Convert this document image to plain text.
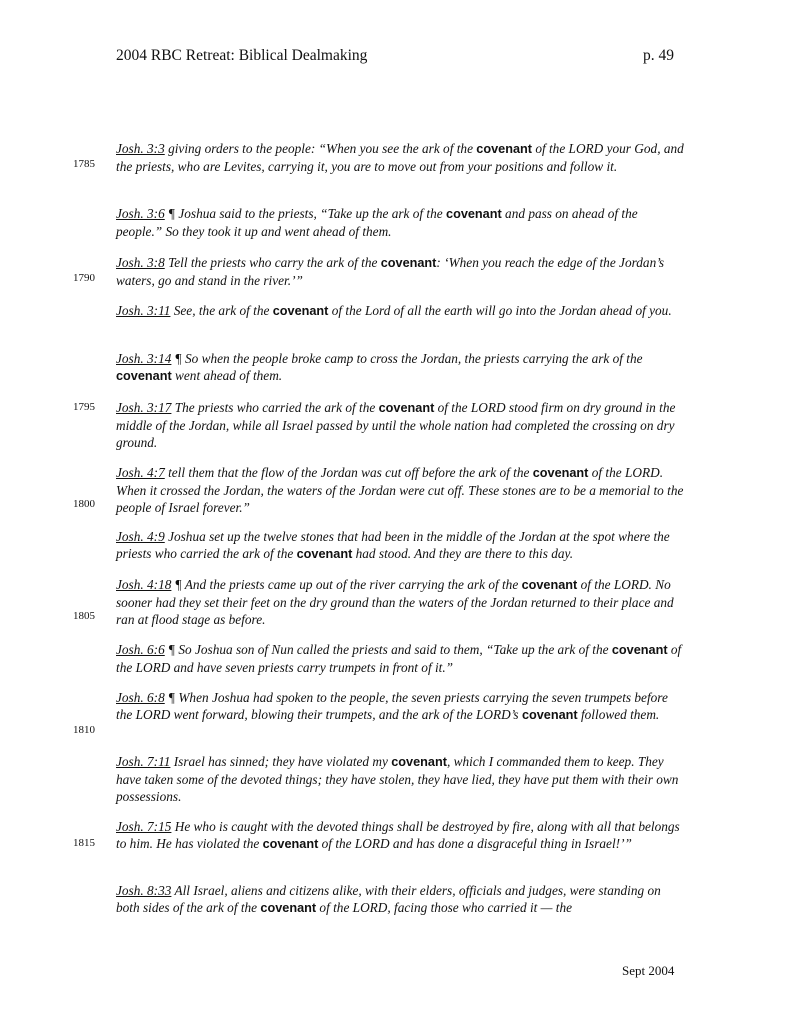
2004 RBC Retreat: Biblical Dealmaking	p. 49
1785
1790
1795
1800
1805
1810
1815
Josh. 3:3 giving orders to the people: “When you see the ark of the covenant of the LORD your God, and the priests, who are Levites, carrying it, you are to move out from your positions and follow it.
Josh. 3:6 ¶ Joshua said to the priests, “Take up the ark of the covenant and pass on ahead of the people.” So they took it up and went ahead of them.
Josh. 3:8 Tell the priests who carry the ark of the covenant: ‘When you reach the edge of the Jordan’s waters, go and stand in the river.’”
Josh. 3:11 See, the ark of the covenant of the Lord of all the earth will go into the Jordan ahead of you.
Josh. 3:14 ¶ So when the people broke camp to cross the Jordan, the priests carrying the ark of the covenant went ahead of them.
Josh. 3:17 The priests who carried the ark of the covenant of the LORD stood firm on dry ground in the middle of the Jordan, while all Israel passed by until the whole nation had completed the crossing on dry ground.
Josh. 4:7 tell them that the flow of the Jordan was cut off before the ark of the covenant of the LORD. When it crossed the Jordan, the waters of the Jordan were cut off. These stones are to be a memorial to the people of Israel forever.”
Josh. 4:9 Joshua set up the twelve stones that had been in the middle of the Jordan at the spot where the priests who carried the ark of the covenant had stood. And they are there to this day.
Josh. 4:18 ¶ And the priests came up out of the river carrying the ark of the covenant of the LORD. No sooner had they set their feet on the dry ground than the waters of the Jordan returned to their place and ran at flood stage as before.
Josh. 6:6 ¶ So Joshua son of Nun called the priests and said to them, “Take up the ark of the covenant of the LORD and have seven priests carry trumpets in front of it.”
Josh. 6:8 ¶ When Joshua had spoken to the people, the seven priests carrying the seven trumpets before the LORD went forward, blowing their trumpets, and the ark of the LORD’s covenant followed them.
Josh. 7:11 Israel has sinned; they have violated my covenant, which I commanded them to keep. They have taken some of the devoted things; they have stolen, they have lied, they have put them with their own possessions.
Josh. 7:15 He who is caught with the devoted things shall be destroyed by fire, along with all that belongs to him. He has violated the covenant of the LORD and has done a disgraceful thing in Israel!’”
Josh. 8:33 All Israel, aliens and citizens alike, with their elders, officials and judges, were standing on both sides of the ark of the covenant of the LORD, facing those who carried it — the
Sept 2004
